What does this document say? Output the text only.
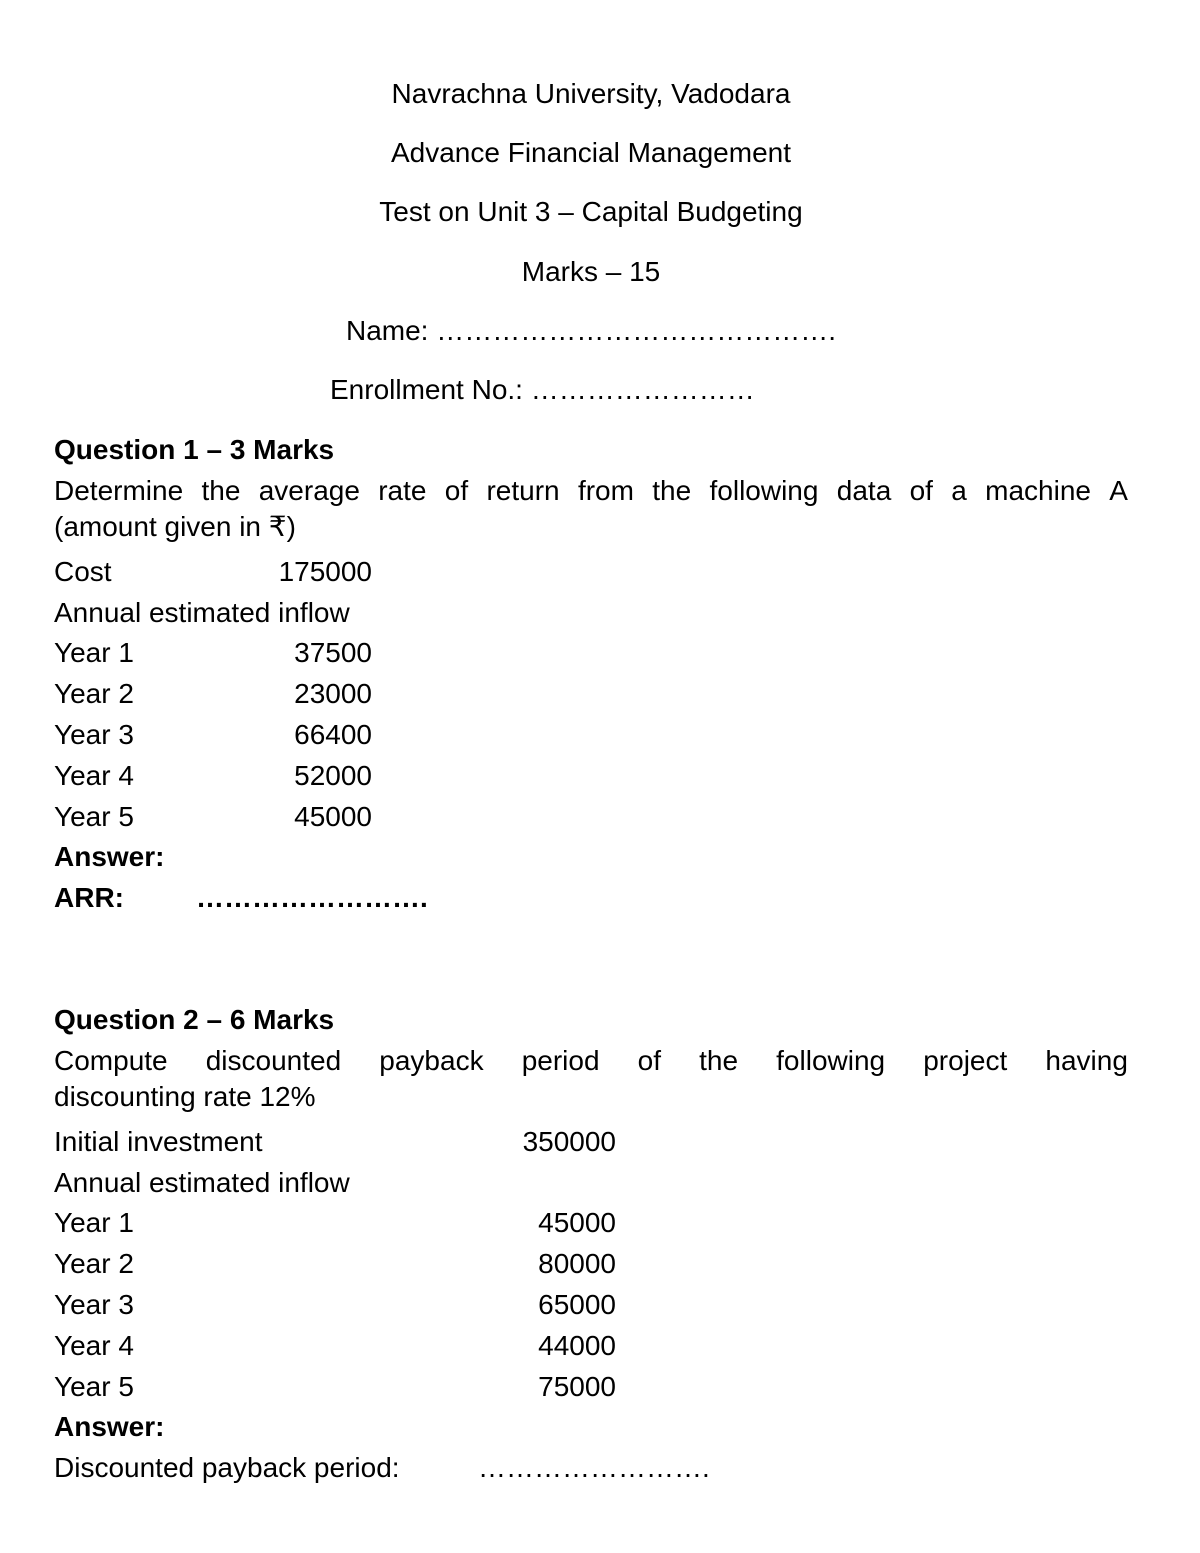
Navrachna University, Vadodara
Advance Financial Management
Test on Unit 3 – Capital Budgeting
Marks – 15
Name: …………………………………….
Enrollment No.: ……………………
Question 1 – 3 Marks
Determine the average rate of return from the following data of a machine A
(amount given in ₹)
Cost	175000
Annual estimated inflow
Year 1	37500
Year 2	23000
Year 3	66400
Year 4	52000
Year 5	45000
Answer:
ARR:	…………………….
Question 2 – 6 Marks
Compute discounted payback period of the following project having
discounting rate 12%
Initial investment	350000
Annual estimated inflow
Year 1	45000
Year 2	80000
Year 3	65000
Year 4	44000
Year 5	75000
Answer:
Discounted payback period:	…………………….
